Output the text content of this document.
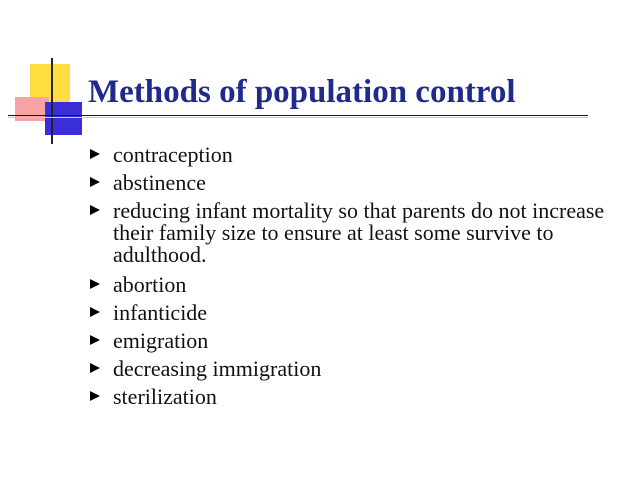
Methods of population control
contraception
abstinence
reducing infant mortality so that parents do not increase their family size to ensure at least some survive to adulthood.
abortion
infanticide
emigration
decreasing immigration
sterilization
